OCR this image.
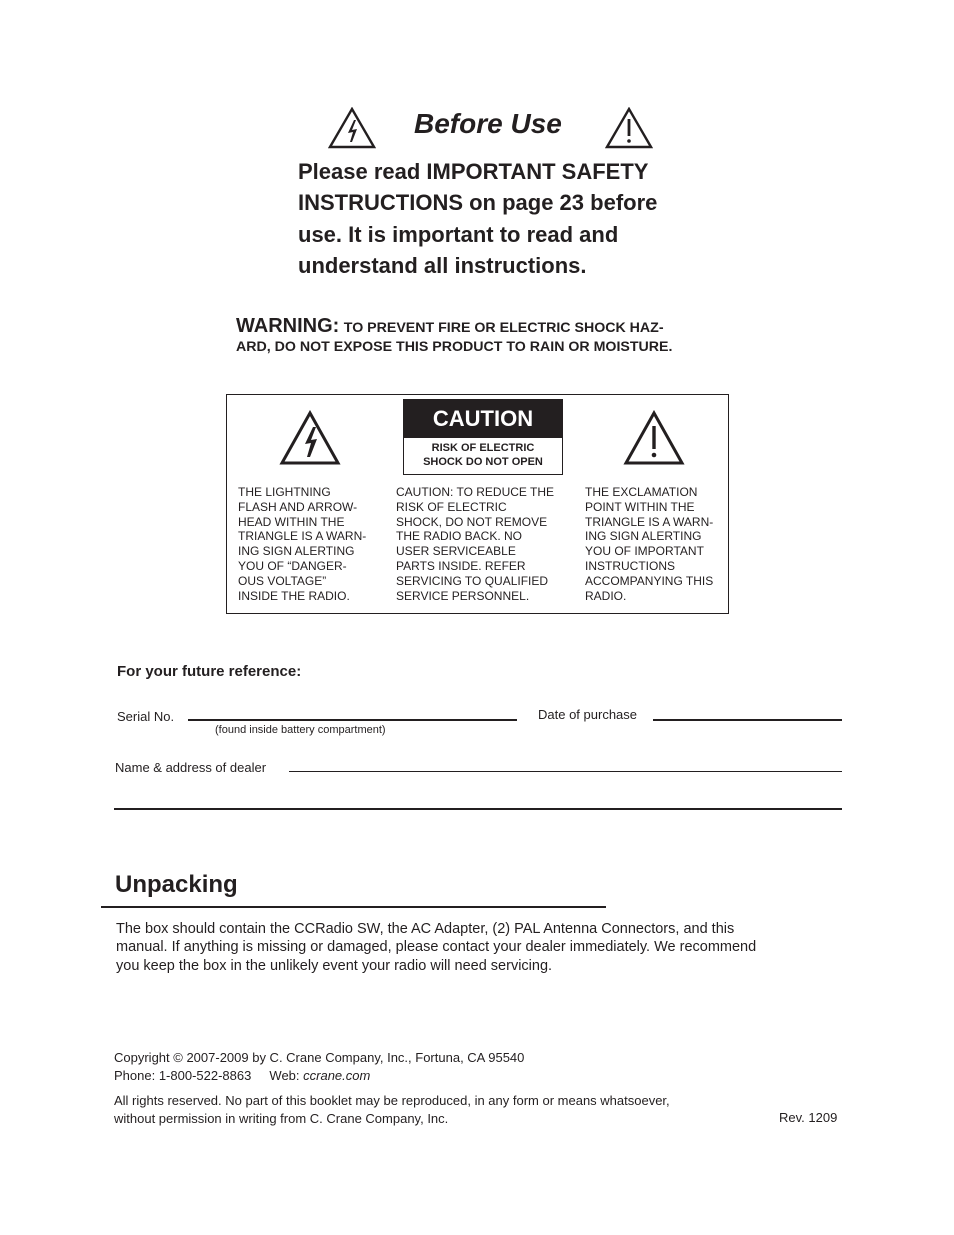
Before Use
Please read IMPORTANT SAFETY
INSTRUCTIONS on page 23 before
use. It is important to read and
understand all instructions.
WARNING: TO PREVENT FIRE OR ELECTRIC SHOCK HAZ-
ARD, DO NOT EXPOSE THIS PRODUCT TO RAIN OR MOISTURE.
CAUTION
RISK OF ELECTRIC
SHOCK DO NOT OPEN
THE LIGHTNING
FLASH AND ARROW-
HEAD WITHIN THE
TRIANGLE IS A WARN-
ING SIGN ALERTING
YOU OF “DANGER-
OUS VOLTAGE”
INSIDE THE RADIO.
CAUTION: TO REDUCE THE
RISK OF ELECTRIC
SHOCK, DO NOT REMOVE
THE RADIO BACK. NO
USER SERVICEABLE
PARTS INSIDE. REFER
SERVICING TO QUALIFIED
SERVICE PERSONNEL.
THE EXCLAMATION
POINT WITHIN THE
TRIANGLE IS A WARN-
ING SIGN ALERTING
YOU OF IMPORTANT
INSTRUCTIONS
ACCOMPANYING THIS
RADIO.
For your future reference:
Serial No.
(found inside battery compartment)
Date of purchase
Name & address of dealer
Unpacking
The box should contain the CCRadio SW, the AC Adapter, (2) PAL Antenna Connectors, and this
manual. If anything is missing or damaged, please contact your dealer immediately. We recommend
you keep the box in the unlikely event your radio will need servicing.
Copyright © 2007-2009 by C. Crane Company, Inc., Fortuna, CA 95540
Phone: 1-800-522-8863 Web: ccrane.com
All rights reserved. No part of this booklet may be reproduced, in any form or means whatsoever,
without permission in writing from C. Crane Company, Inc.	Rev. 1209
